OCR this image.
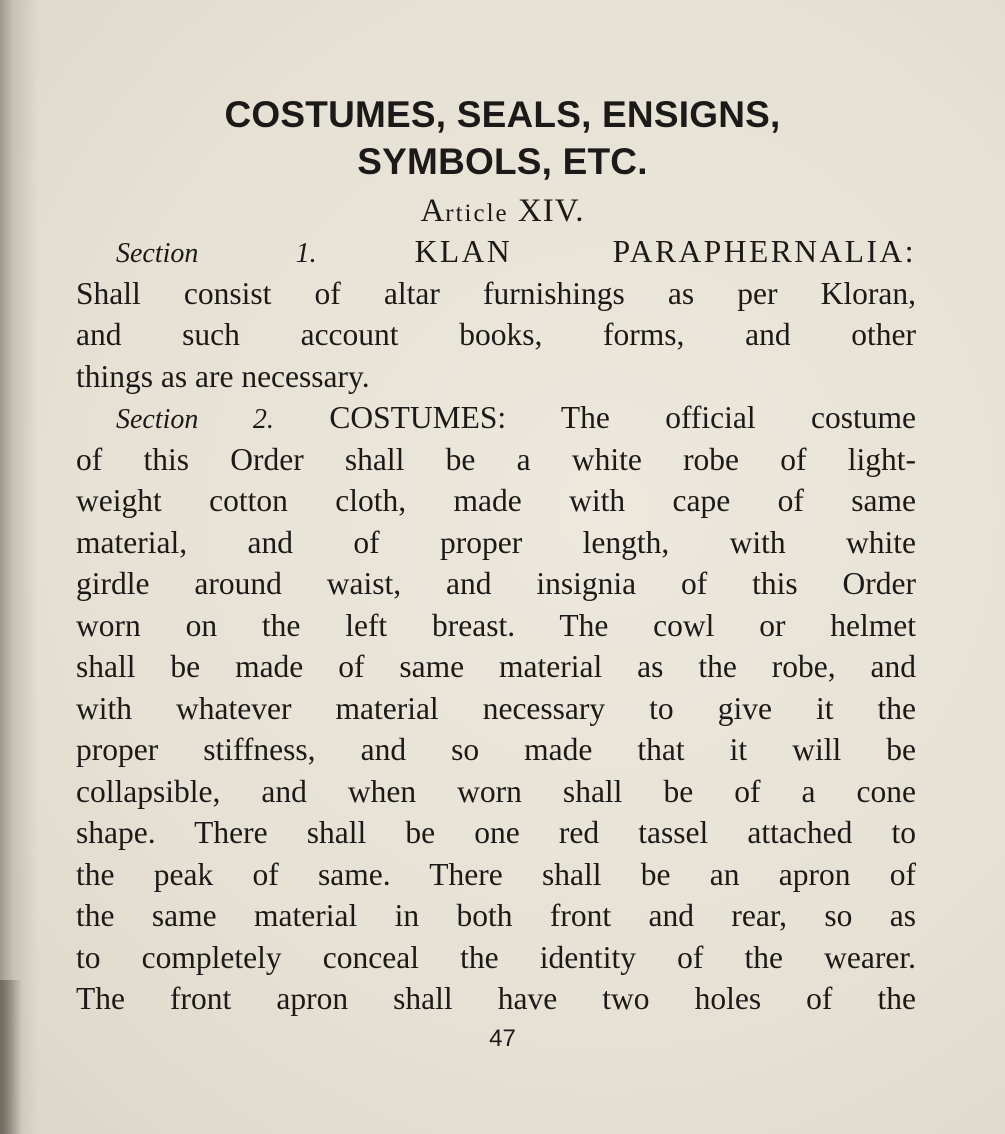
COSTUMES, SEALS, ENSIGNS,
SYMBOLS, ETC.
Article XIV.
Section 1.	KLAN PARAPHERNALIA:
Shall consist of altar furnishings as per Kloran,
and such account books, forms, and other
things as are necessary.
Section 2. COSTUMES: The official costume
of this Order shall be a white robe of light-
weight cotton cloth, made with cape of same
material, and of proper length, with white
girdle around waist, and insignia of this Order
worn on the left breast. The cowl or helmet
shall be made of same material as the robe, and
with whatever material necessary to give it the
proper stiffness, and so made that it will be
collapsible, and when worn shall be of a cone
shape. There shall be one red tassel attached to
the peak of same. There shall be an apron of
the same material in both front and rear, so as
to completely conceal the identity of the wearer.
The front apron shall have two holes of the
47
